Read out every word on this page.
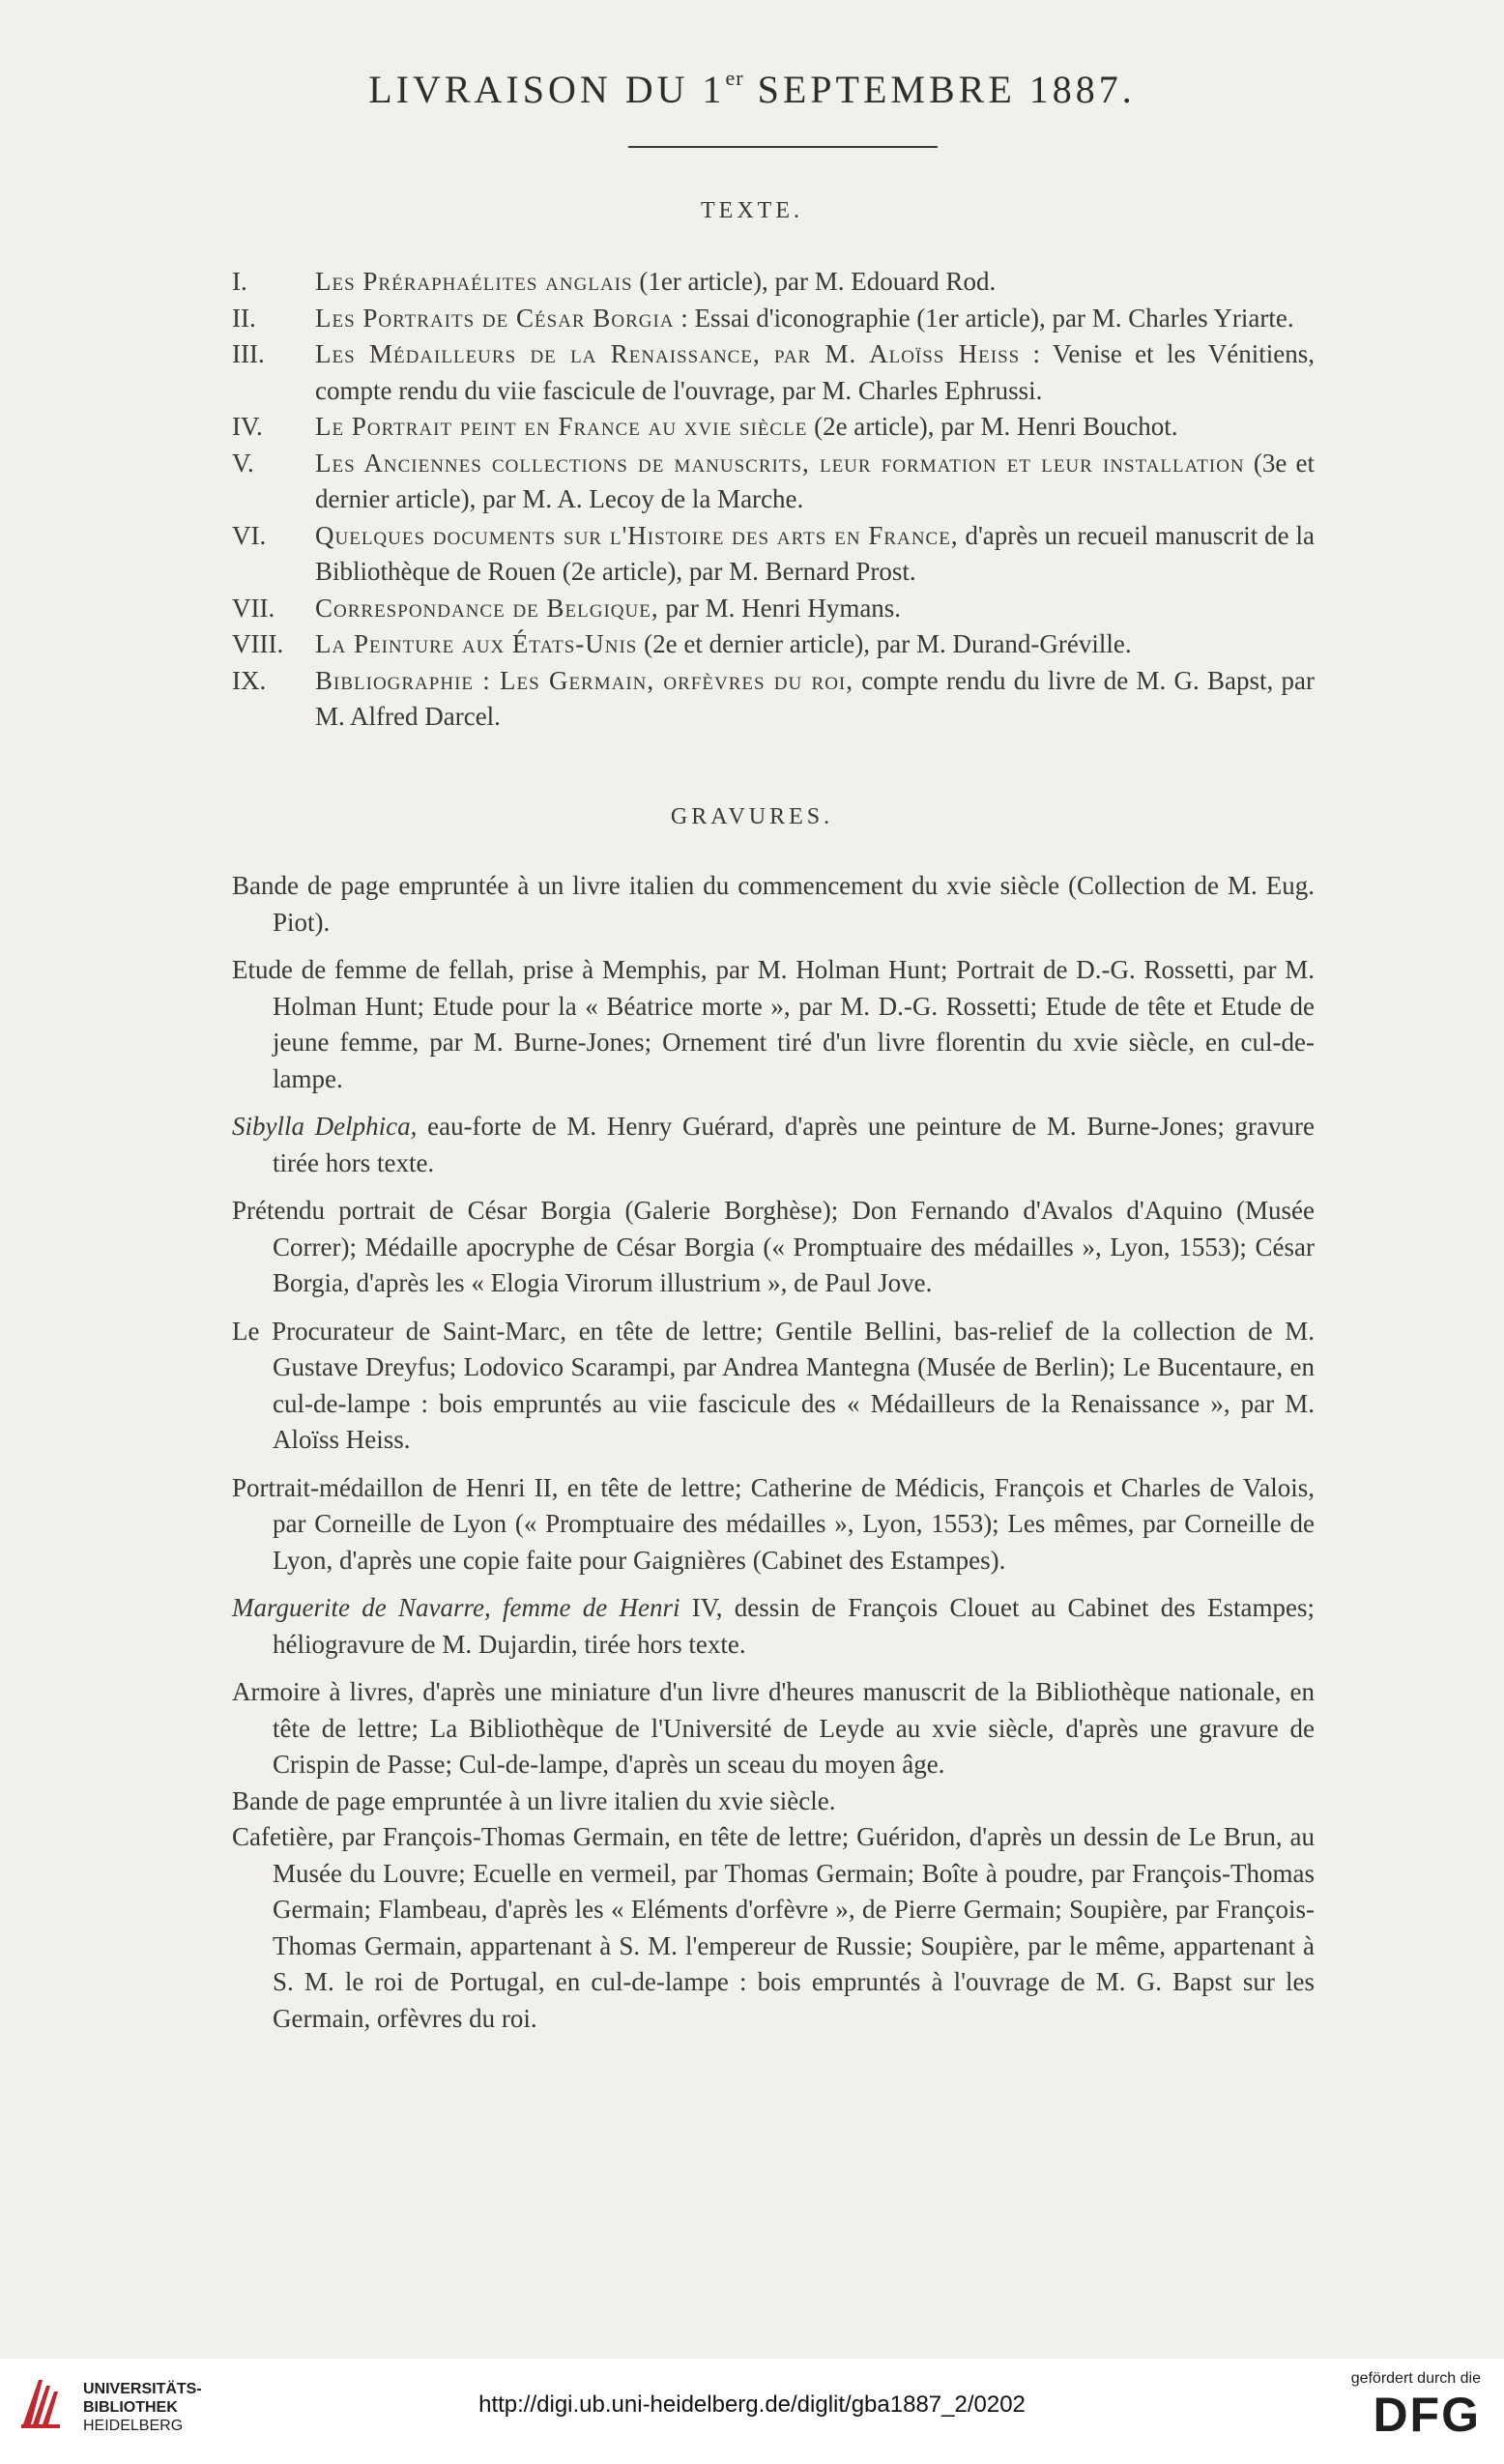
LIVRAISON DU 1er SEPTEMBRE 1887.
TEXTE.
I.	Les Préraphaélites anglais (1er article), par M. Edouard Rod.
II.	Les Portraits de César Borgia : Essai d'iconographie (1er article), par M. Charles Yriarte.
III.	Les Médailleurs de la Renaissance, par M. Aloïss Heiss : Venise et les Vénitiens, compte rendu du viie fascicule de l'ouvrage, par M. Charles Ephrussi.
IV.	Le Portrait peint en France au xvie siècle (2e article), par M. Henri Bouchot.
V.	Les Anciennes collections de manuscrits, leur formation et leur installation (3e et dernier article), par M. A. Lecoy de la Marche.
VI.	Quelques documents sur l'Histoire des arts en France, d'après un recueil manuscrit de la Bibliothèque de Rouen (2e article), par M. Bernard Prost.
VII.	Correspondance de Belgique, par M. Henri Hymans.
VIII. La Peinture aux États-Unis (2e et dernier article), par M. Durand-Gréville.
IX.	Bibliographie : Les Germain, orfèvres du roi, compte rendu du livre de M. G. Bapst, par M. Alfred Darcel.
GRAVURES.

Bande de page empruntée à un livre italien du commencement du xvie siècle (Collection de M. Eug. Piot).

Etude de femme de fellah, prise à Memphis, par M. Holman Hunt; Portrait de D.-G. Rossetti, par M. Holman Hunt; Etude pour la « Béatrice morte », par M. D.-G. Rossetti; Etude de tête et Etude de jeune femme, par M. Burne-Jones; Ornement tiré d'un livre florentin du xvie siècle, en cul-de-lampe.

Sibylla Delphica, eau-forte de M. Henry Guérard, d'après une peinture de M. Burne-Jones; gravure tirée hors texte.

Prétendu portrait de César Borgia (Galerie Borghèse); Don Fernando d'Avalos d'Aquino (Musée Correr); Médaille apocryphe de César Borgia (« Promptuaire des médailles », Lyon, 1553); César Borgia, d'après les « Elogia Virorum illustrium », de Paul Jove.

Le Procurateur de Saint-Marc, en tête de lettre; Gentile Bellini, bas-relief de la collection de M. Gustave Dreyfus; Lodovico Scarampi, par Andrea Mantegna (Musée de Berlin); Le Bucentaure, en cul-de-lampe : bois empruntés au viie fascicule des « Médailleurs de la Renaissance », par M. Aloïss Heiss.

Portrait-médaillon de Henri II, en tête de lettre; Catherine de Médicis, François et Charles de Valois, par Corneille de Lyon (« Promptuaire des médailles », Lyon, 1553); Les mêmes, par Corneille de Lyon, d'après une copie faite pour Gaignières (Cabinet des Estampes).

Marguerite de Navarre, femme de Henri IV, dessin de François Clouet au Cabinet des Estampes; héliogravure de M. Dujardin, tirée hors texte.

Armoire à livres, d'après une miniature d'un livre d'heures manuscrit de la Bibliothèque nationale, en tête de lettre; La Bibliothèque de l'Université de Leyde au xvie siècle, d'après une gravure de Crispin de Passe; Cul-de-lampe, d'après un sceau du moyen âge.

Bande de page empruntée à un livre italien du xvie siècle.

Cafetière, par François-Thomas Germain, en tête de lettre; Guéridon, d'après un dessin de Le Brun, au Musée du Louvre; Ecuelle en vermeil, par Thomas Germain; Boîte à poudre, par François-Thomas Germain; Flambeau, d'après les « Eléments d'orfèvre », de Pierre Germain; Soupière, par François-Thomas Germain, appartenant à S. M. l'empereur de Russie; Soupière, par le même, appartenant à S. M. le roi de Portugal, en cul-de-lampe : bois empruntés à l'ouvrage de M. G. Bapst sur les Germain, orfèvres du roi.

UNIVERSITÄTS-
BIBLIOTHEK
HEIDELBERG
http://digi.ub.uni-heidelberg.de/diglit/gba1887_2/0202
gefördert durch die
DFG
